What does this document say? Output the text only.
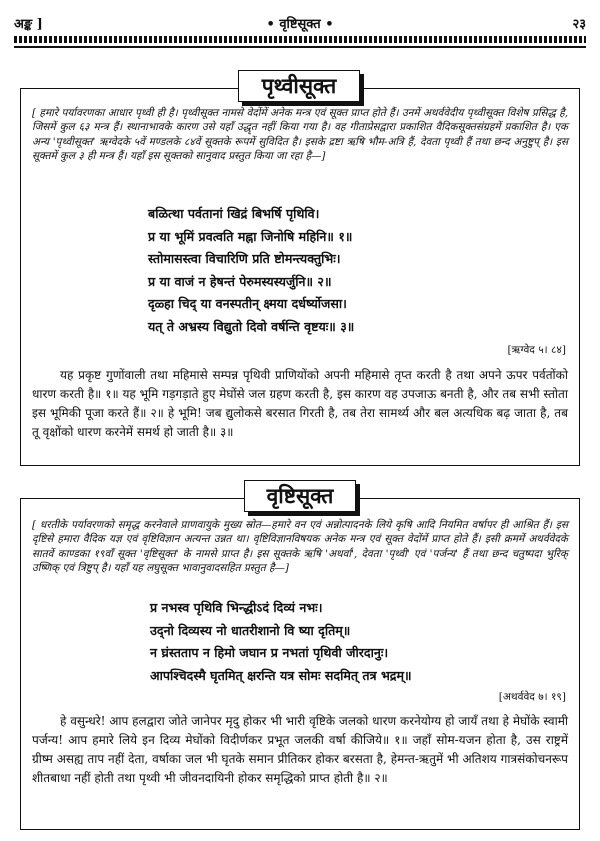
अङ्क ]	• वृष्टिसूक्त •	२३
पृथ्वीसूक्त
[ हमारे पर्यावरणका आधार पृथ्वी ही है। पृथ्वीसूक्त नामसे वेदोंमें अनेक मन्त्र एवं सूक्त प्राप्त होते हैं। उनमें अथर्ववेदीय पृथ्वीसूक्त विशेष प्रसिद्ध है, जिसमें कुल ६३ मन्त्र हैं। स्थानाभावके कारण उसे यहाँ उद्धृत नहीं किया गया है। वह गीताप्रेसद्वारा प्रकाशित वैदिकसूक्तसंग्रहमें प्रकाशित है। एक अन्य 'पृथ्वीसूक्त' ऋग्वेदके ५वें मण्डलके ८४वें सूक्तके रूपमें सुविदित है। इसके द्रष्टा ऋषि भौम-अत्रि हैं, देवता पृथ्वी हैं तथा छन्द अनुष्टुप् है। इस सूक्तमें कुल ३ ही मन्त्र हैं। यहाँ इस सूक्तको सानुवाद प्रस्तुत किया जा रहा है—]
बळित्था पर्वतानां खिद्रं बिभर्षि पृथिवि।
प्र या भूमिं प्रवत्वति मह्ना जिनोषि महिनि॥ १॥
स्तोमासस्त्वा विचारिणि प्रति ष्टोमन्त्यक्तुभिः।
प्र या वाजं न हेषन्तं पेरुमस्यस्यर्जुनि॥ २॥
दृळ्हा चिद् या वनस्पतीन् क्ष्मया दर्धर्ष्योजसा।
यत् ते अभ्रस्य विद्युतो दिवो वर्षन्ति वृष्टयः॥ ३॥
[ऋग्वेद ५। ८४]
यह प्रकृष्ट गुणोंवाली तथा महिमासे सम्पन्न पृथिवी प्राणियोंको अपनी महिमासे तृप्त करती है तथा अपने ऊपर पर्वतोंको धारण करती है॥ १॥ यह भूमि गड़गड़ाते हुए मेघोंसे जल ग्रहण करती है, इस कारण वह उपजाऊ बनती है, और तब सभी स्तोता इस भूमिकी पूजा करते हैं॥ २॥ हे भूमि! जब द्युलोकसे बरसात गिरती है, तब तेरा सामर्थ्य और बल अत्यधिक बढ़ जाता है, तब तू वृक्षोंको धारण करनेमें समर्थ हो जाती है॥ ३॥
वृष्टिसूक्त
[ धरतीके पर्यावरणको समृद्ध करनेवाले प्राणवायुके मुख्य स्रोत—हमारे वन एवं अन्नोत्पादनके लिये कृषि आदि नियमित वर्षापर ही आश्रित हैं। इस दृष्टिसे हमारा वैदिक यज्ञ एवं वृष्टिविज्ञान अत्यन्त उन्नत था। वृष्टिविज्ञानविषयक अनेक मन्त्र एवं सूक्त वेदोंमें प्राप्त होते हैं। इसी क्रममें अथर्ववेदके सातवें काण्डका १९वाँ सूक्त 'वृष्टिसूक्त' के नामसे प्राप्त है। इस सूक्तके ऋषि 'अथर्वा', देवता 'पृथ्वी' एवं 'पर्जन्य' हैं तथा छन्द चतुष्पदा भुरिक् उष्णिक् एवं त्रिष्टुप् है। यहाँ यह लघुसूक्त भावानुवादसहित प्रस्तुत है—]
प्र नभस्व पृथिवि भिन्द्धीऽदं दिव्यं नभः।
उद्नो दिव्यस्य नो धातरीशानो वि ष्या दृतिम्॥
न घ्रंस्तताप न हिमो जघान प्र नभतां पृथिवी जीरदानुः।
आपश्चिदस्मै घृतमित् क्षरन्ति यत्र सोमः सदमित् तत्र भद्रम्॥
[अथर्ववेद ७। १९]
हे वसुन्धरे! आप हलद्वारा जोते जानेपर मृदु होकर भी भारी वृष्टिके जलको धारण करनेयोग्य हो जायँ तथा हे मेघोंके स्वामी पर्जन्य! आप हमारे लिये इन दिव्य मेघोंको विदीर्णकर प्रभूत जलकी वर्षा कीजिये॥ १॥ जहाँ सोम-यजन होता है, उस राष्ट्रमें ग्रीष्म असह्य ताप नहीं देता, वर्षाका जल भी घृतके समान प्रीतिकर होकर बरसता है, हेमन्त-ऋतुमें भी अतिशय गात्रसंकोचनरूप शीतबाधा नहीं होती तथा पृथ्वी भी जीवनदायिनी होकर समृद्धिको प्राप्त होती है॥ २॥
